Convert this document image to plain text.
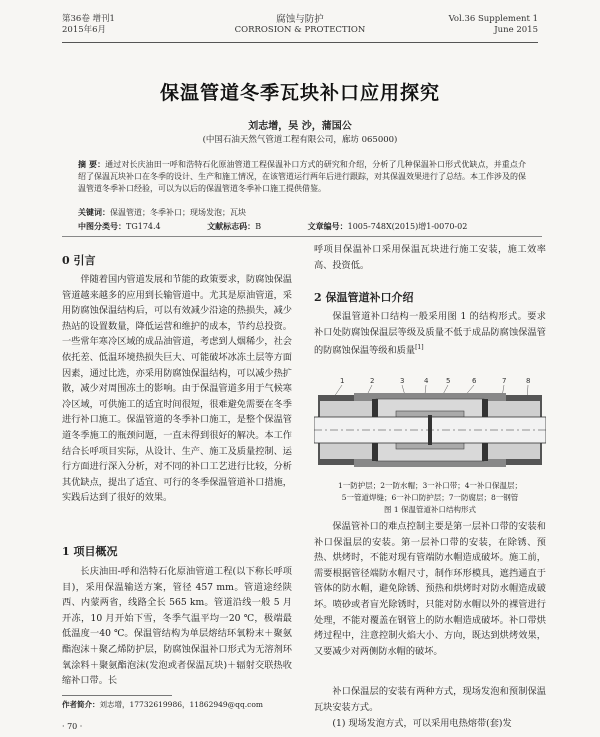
第36卷 增刊1
2015年6月
腐蚀与防护
CORROSION & PROTECTION
Vol.36 Supplement 1
June 2015
保温管道冬季瓦块补口应用探究
刘志增，吴 沙，蒲国公
(中国石油天然气管道工程有限公司，廊坊 065000)
摘 要：通过对长庆油田一呼和浩特石化原油管道工程保温补口方式的研究和介绍，分析了几种保温补口形式优缺点，并重点介绍了保温瓦块补口在冬季的设计、生产和施工情况，在该管道运行两年后进行跟踪，对其保温效果进行了总结。本工作涉及的保温管道冬季补口经验，可以为以后的保温管道冬季补口施工提供借鉴。
关键词：保温管道；冬季补口；现场发泡；瓦块
中图分类号：TG174.4	文献标志码：B	文章编号：1005-748X(2015)增1-0070-02
0 引言
伴随着国内管道发展和节能的政策要求，防腐蚀保温管道越来越多的应用到长输管道中。尤其是原油管道，采用防腐蚀保温结构后，可以有效减少沿途的热损失，减少热站的设置数量，降低运营和维护的成本，节约总投资。一些常年寒冷区域的成品油管道，考虑到人烟稀少，社会依托差、低温环境热损失巨大、可能破坏冰冻土层等方面因素，通过比选，亦采用防腐蚀保温结构，可以减少热扩散，减少对周围冻土的影响。由于保温管道多用于气候寒冷区域，可供施工的适宜时间很短，很难避免需要在冬季进行补口施工。保温管道的冬季补口施工，是整个保温管道冬季施工的瓶颈问题，一直未得到很好的解决。本工作结合长呼项目实际，从设计、生产、施工及质量控制、运行方面进行深入分析，对不同的补口工艺进行比较，分析其优缺点，提出了适宜、可行的冬季保温管道补口措施，实践后达到了很好的效果。
1 项目概况
长庆油田-呼和浩特石化原油管道工程(以下称长呼项目)，采用保温输送方案，管径 457 mm。管道途经陕西、内蒙两省，线路全长 565 km。管道沿线一般 5 月开冻，10 月开始下雪，冬季气温平均一20 ℃，极端最低温度一40 ℃。保温管结构为单层熔结环氧粉末＋聚氨酯泡沫＋聚乙烯防护层，防腐蚀保温补口形式为无溶剂环氧涂料＋聚氨酯泡沫(发泡或者保温瓦块)＋辐射交联热收缩补口带。长
作者简介：刘志增，17732619986，11862949@qq.com
· 70 ·
呼项目保温补口采用保温瓦块进行施工安装，施工效率高、投资低。
2 保温管道补口介绍
保温管道补口结构一般采用图 1 的结构形式。要求补口处防腐蚀保温层等级及质量不低于成品防腐蚀保温管的防腐蚀保温等级和质量[1]
1	2	3	4	5	6	7	8
1一防护层；2一防水帽；3一补口带；4一补口保温层；
5一管道焊缝；6一补口防护层；7一防腐层；8一钢管
图 1 保温管道补口结构形式
保温管补口的难点控制主要是第一层补口带的安装和补口保温层的安装。第一层补口带的安装，在除锈、预热、烘烤时，不能对现有管端防水帽造成破坏。施工前，需要根据管径端防水帽尺寸，制作环形模具，遮挡通直于管体的防水帽，避免除锈、预热和烘烤时对防水帽造成破坏。喷砂或者盲光除锈时，只能对防水帽以外的裸管进行处理，不能对覆盖在钢管上的防水帽造成破坏。补口带烘烤过程中，注意控制火焰大小、方向，既达到烘烤效果，又要减少对两侧防水帽的破坏。
补口保温层的安装有两种方式，现场发泡和预制保温瓦块安装方式。
(1) 现场发泡方式，可以采用电热熔带(套)发
